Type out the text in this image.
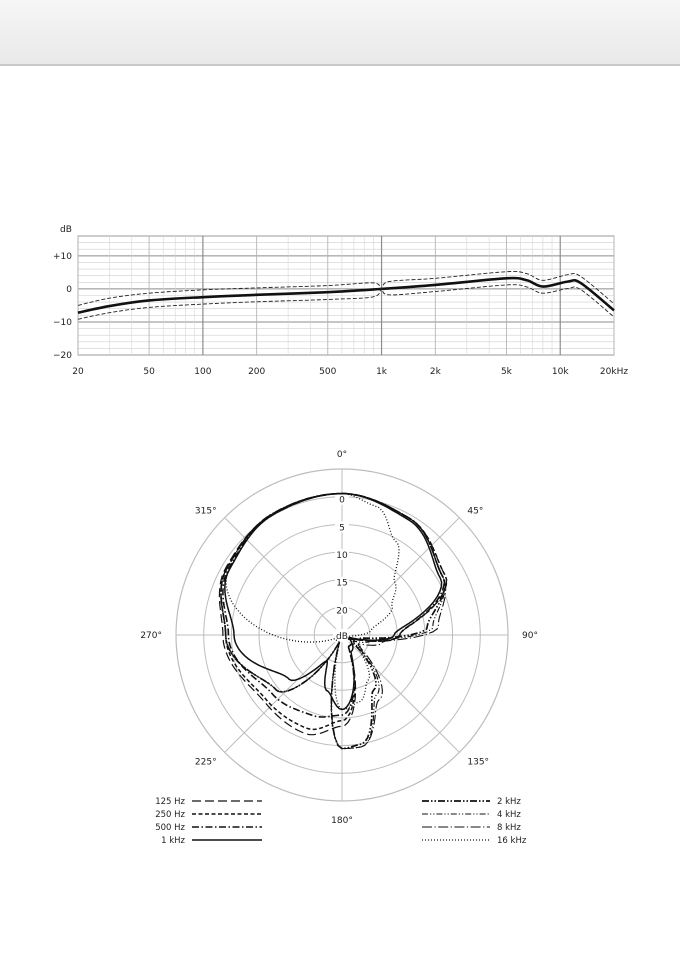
dB
+10
0
−10
−20
20	50	100	200	500	1k	2k	5k	10k	20kHz
0°
45°
90°
135°
180°
225°
270°
315°
0
5
10
15
20
dB
125 Hz
250 Hz
500 Hz
1 kHz
2 kHz
4 kHz
8 kHz
16 kHz
